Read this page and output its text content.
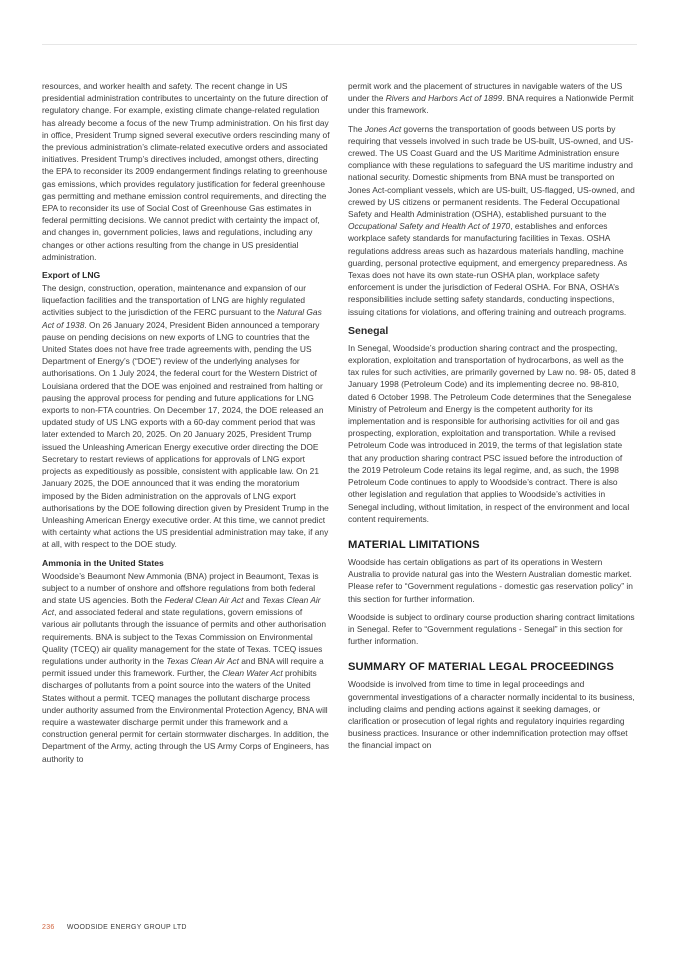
resources, and worker health and safety. The recent change in US presidential administration contributes to uncertainty on the future direction of regulatory change. For example, existing climate change-related regulation has already become a focus of the new Trump administration. On his first day in office, President Trump signed several executive orders rescinding many of the previous administration’s climate-related executive orders and associated initiatives. President Trump’s directives included, amongst others, directing the EPA to reconsider its 2009 endangerment findings relating to greenhouse gas emissions, which provides regulatory justification for federal greenhouse gas permitting and methane emission control requirements, and directing the EPA to reconsider its use of Social Cost of Greenhouse Gas estimates in federal permitting decisions. We cannot predict with certainty the impact of, and changes in, government policies, laws and regulations, including any changes or other actions resulting from the change in US presidential administration.

Export of LNG

The design, construction, operation, maintenance and expansion of our liquefaction facilities and the transportation of LNG are highly regulated activities subject to the jurisdiction of the FERC pursuant to the Natural Gas Act of 1938. On 26 January 2024, President Biden announced a temporary pause on pending decisions on new exports of LNG to countries that the United States does not have free trade agreements with, pending the US Department of Energy’s (“DOE”) review of the underlying analyses for authorisations. On 1 July 2024, the federal court for the Western District of Louisiana ordered that the DOE was enjoined and restrained from halting or pausing the approval process for pending and future applications for LNG exports to non-FTA countries. On December 17, 2024, the DOE released an updated study of US LNG exports with a 60-day comment period that was later extended to March 20, 2025. On 20 January 2025, President Trump issued the Unleashing American Energy executive order directing the DOE Secretary to restart reviews of applications for approvals of LNG export projects as expeditiously as possible, consistent with applicable law. On 21 January 2025, the DOE announced that it was ending the moratorium imposed by the Biden administration on the approvals of LNG export authorisations by the DOE following direction given by President Trump in the Unleashing American Energy executive order. At this time, we cannot predict with certainty what actions the US presidential administration may take, if any at all, with respect to the DOE study.

Ammonia in the United States

Woodside’s Beaumont New Ammonia (BNA) project in Beaumont, Texas is subject to a number of onshore and offshore regulations from both federal and state US agencies. Both the Federal Clean Air Act and Texas Clean Air Act, and associated federal and state regulations, govern emissions of various air pollutants through the issuance of permits and other authorisation requirements. BNA is subject to the Texas Commission on Environmental Quality (TCEQ) air quality management for the state of Texas. TCEQ issues regulations under authority in the Texas Clean Air Act and BNA will require a permit issued under this framework. Further, the Clean Water Act prohibits discharges of pollutants from a point source into the waters of the United States without a permit. TCEQ manages the pollutant discharge process under authority assumed from the Environmental Protection Agency, BNA will require a wastewater discharge permit under this framework and a construction general permit for certain stormwater discharges. In addition, the Department of the Army, acting through the US Army Corps of Engineers, has authority to

permit work and the placement of structures in navigable waters of the US under the Rivers and Harbors Act of 1899. BNA requires a Nationwide Permit under this framework.

The Jones Act governs the transportation of goods between US ports by requiring that vessels involved in such trade be US-built, US-owned, and US-crewed. The US Coast Guard and the US Maritime Administration ensure compliance with these regulations to safeguard the US maritime industry and national security. Domestic shipments from BNA must be transported on Jones Act-compliant vessels, which are US-built, US-flagged, US-owned, and crewed by US citizens or permanent residents. The Federal Occupational Safety and Health Administration (OSHA), established pursuant to the Occupational Safety and Health Act of 1970, establishes and enforces workplace safety standards for manufacturing facilities in Texas. OSHA regulations address areas such as hazardous materials handling, machine guarding, personal protective equipment, and emergency preparedness. As Texas does not have its own state-run OSHA plan, workplace safety enforcement is under the jurisdiction of Federal OSHA. For BNA, OSHA’s responsibilities include setting safety standards, conducting inspections, issuing citations for violations, and offering training and outreach programs.

Senegal

In Senegal, Woodside’s production sharing contract and the prospecting, exploration, exploitation and transportation of hydrocarbons, as well as the tax rules for such activities, are primarily governed by Law no. 98- 05, dated 8 January 1998 (Petroleum Code) and its implementing decree no. 98-810, dated 6 October 1998. The Petroleum Code determines that the Senegalese Ministry of Petroleum and Energy is the competent authority for its implementation and is responsible for authorising activities for oil and gas prospecting, exploration, exploitation and transportation. While a revised Petroleum Code was introduced in 2019, the terms of that legislation state that any production sharing contract PSC issued before the introduction of the 2019 Petroleum Code retains its legal regime, and, as such, the 1998 Petroleum Code continues to apply to Woodside’s contract. There is also other legislation and regulation that applies to Woodside’s activities in Senegal including, without limitation, in respect of the environment and local content requirements.

MATERIAL LIMITATIONS

Woodside has certain obligations as part of its operations in Western Australia to provide natural gas into the Western Australian domestic market. Please refer to “Government regulations - domestic gas reservation policy” in this section for further information.

Woodside is subject to ordinary course production sharing contract limitations in Senegal. Refer to “Government regulations - Senegal” in this section for further information.

SUMMARY OF MATERIAL LEGAL PROCEEDINGS

Woodside is involved from time to time in legal proceedings and governmental investigations of a character normally incidental to its business, including claims and pending actions against it seeking damages, or clarification or prosecution of legal rights and regulatory inquiries regarding business practices. Insurance or other indemnification protection may offset the financial impact on

236 WOODSIDE ENERGY GROUP LTD
